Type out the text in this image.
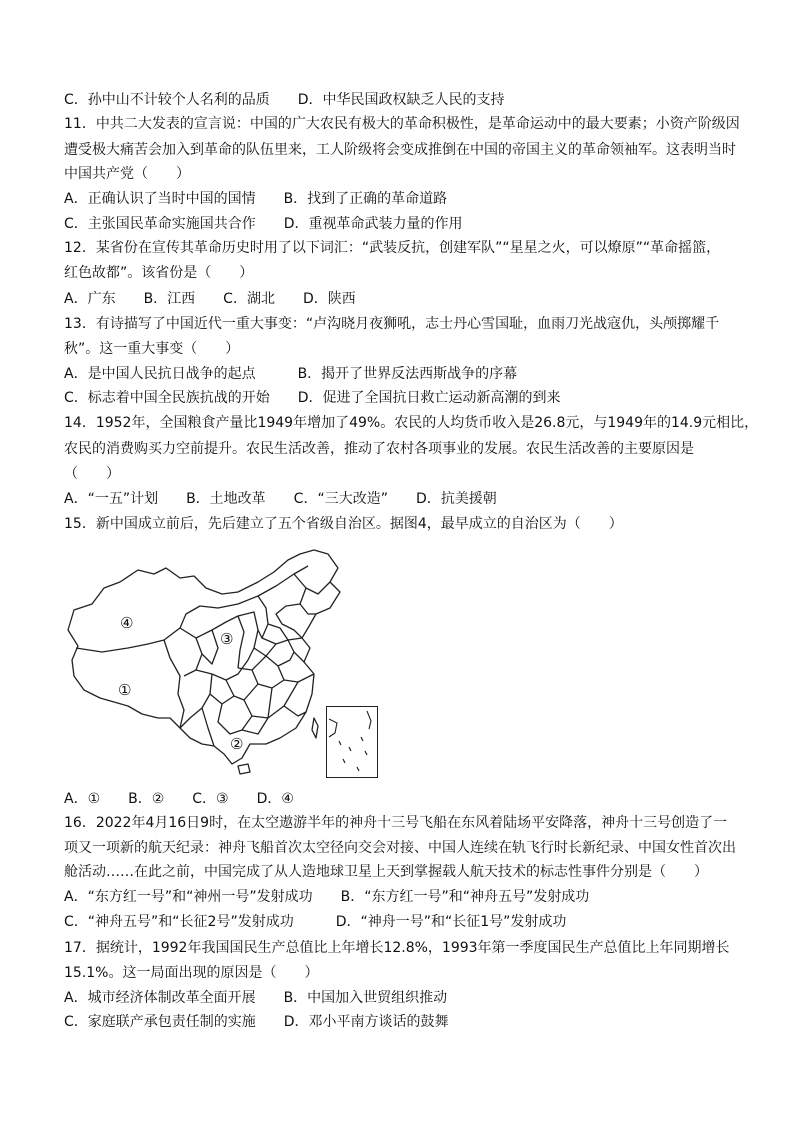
C．孙中山不计较个人名利的品质　　D．中华民国政权缺乏人民的支持
11．中共二大发表的宣言说：中国的广大农民有极大的革命积极性，是革命运动中的最大要素；小资产阶级因
遭受极大痛苦会加入到革命的队伍里来，工人阶级将会变成推倒在中国的帝国主义的革命领袖军。这表明当时
中国共产党（　　）
A．正确认识了当时中国的国情　　B．找到了正确的革命道路
C．主张国民革命实施国共合作　　D．重视革命武装力量的作用
12．某省份在宣传其革命历史时用了以下词汇：“武装反抗，创建军队”“星星之火，可以燎原”“革命摇篮，
红色故都”。该省份是（　　）
A．广东　　B．江西　　C．湖北　　D．陕西
13．有诗描写了中国近代一重大事变：“卢沟晓月夜狮吼，志士丹心雪国耻，血雨刀光战寇仇，头颅掷耀千
秋”。这一重大事变（　　）
A．是中国人民抗日战争的起点　　　B．揭开了世界反法西斯战争的序幕
C．标志着中国全民族抗战的开始　　D．促进了全国抗日救亡运动新高潮的到来
14．1952年，全国粮食产量比1949年增加了49%。农民的人均货币收入是26.8元，与1949年的14.9元相比，
农民的消费购买力空前提升。农民生活改善，推动了农村各项事业的发展。农民生活改善的主要原因是
（　　）
A．“一五”计划　　B．土地改革　　C．“三大改造”　　D．抗美援朝
15．新中国成立前后，先后建立了五个省级自治区。据图4，最早成立的自治区为（　　）
A．①　　B．②　　C．③　　D．④
16．2022年4月16日9时，在太空遨游半年的神舟十三号飞船在东风着陆场平安降落，神舟十三号创造了一
项又一项新的航天纪录：神舟飞船首次太空径向交会对接、中国人连续在轨飞行时长新纪录、中国女性首次出
舱活动……在此之前，中国完成了从人造地球卫星上天到掌握载人航天技术的标志性事件分别是（　　）
A．“东方红一号”和“神州一号”发射成功　　B．“东方红一号”和“神舟五号”发射成功
C．“神舟五号”和“长征2号”发射成功　　　D．“神舟一号”和“长征1号”发射成功
17．据统计，1992年我国国民生产总值比上年增长12.8%，1993年第一季度国民生产总值比上年同期增长
15.1%。这一局面出现的原因是（　　）
A．城市经济体制改革全面开展　　B．中国加入世贸组织推动
C．家庭联产承包责任制的实施　　D．邓小平南方谈话的鼓舞
④
③
①
②
